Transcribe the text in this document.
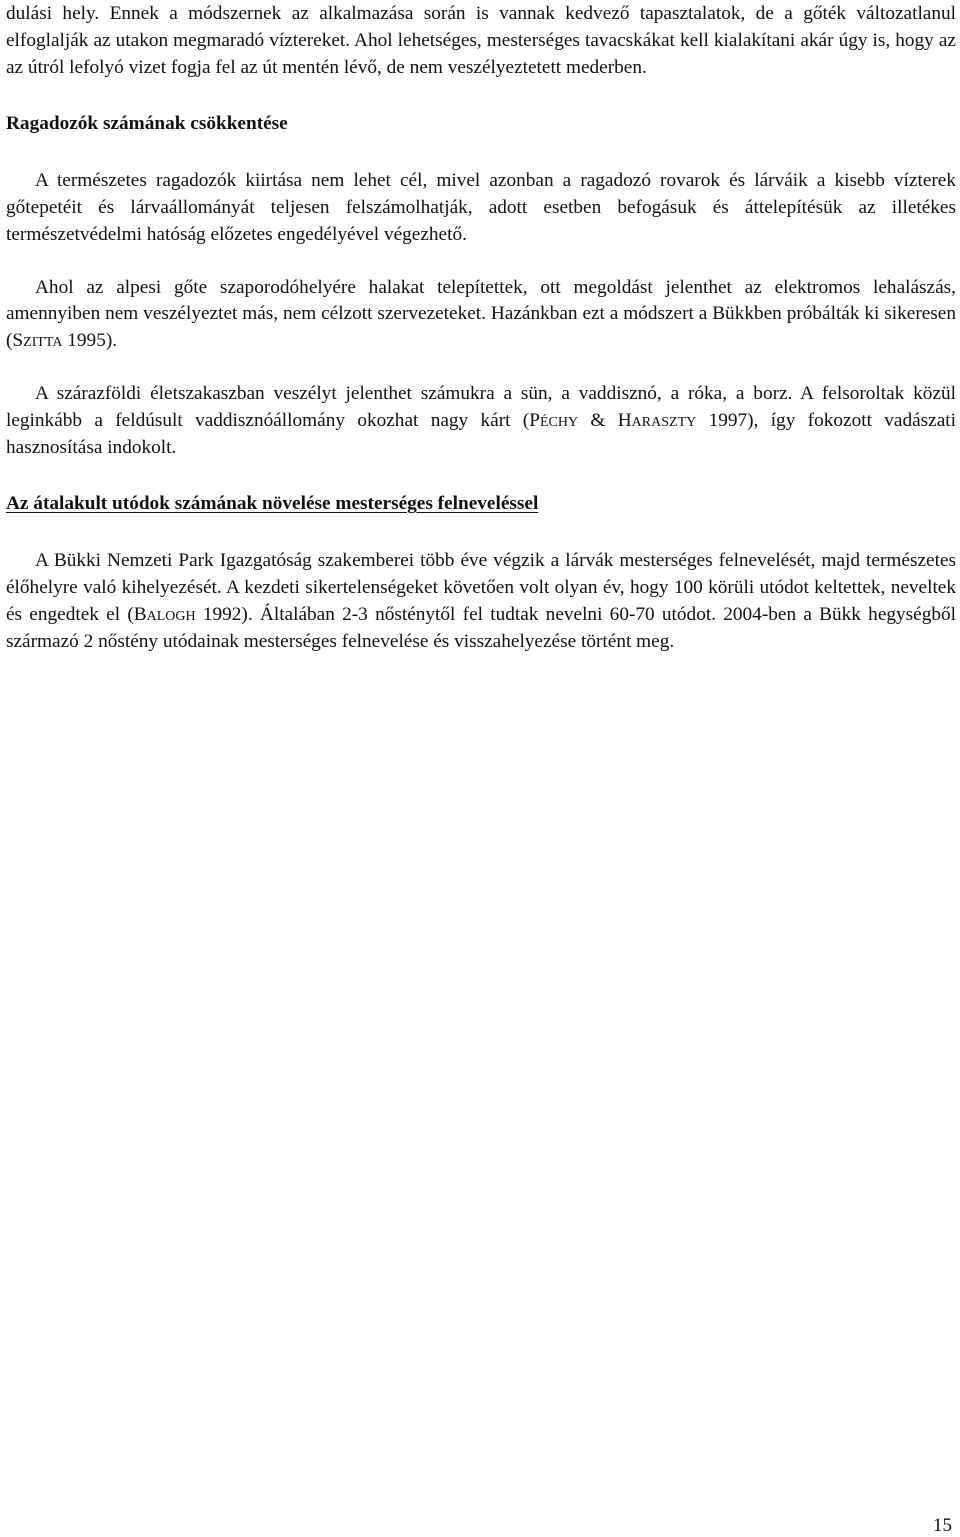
dulási hely. Ennek a módszernek az alkalmazása során is vannak kedvező tapasztalatok, de a gőték változatlanul elfoglalják az utakon megmaradó víztereket. Ahol lehetséges, mesterséges tavacskákat kell kialakítani akár úgy is, hogy az az útról lefolyó vizet fogja fel az út mentén lévő, de nem veszélyeztetett mederben.

Ragadozók számának csökkentése

A természetes ragadozók kiirtása nem lehet cél, mivel azonban a ragadozó rovarok és lárváik a kisebb vízterek gőtepetéit és lárvaállományát teljesen felszámolhatják, adott esetben befogásuk és áttelepítésük az illetékes természetvédelmi hatóság előzetes engedélyével végezhető.

Ahol az alpesi gőte szaporodóhelyére halakat telepítettek, ott megoldást jelenthet az elektromos lehalászás, amennyiben nem veszélyeztet más, nem célzott szervezeteket. Hazánkban ezt a módszert a Bükkben próbálták ki sikeresen (Szitta 1995).

A szárazföldi életszakaszban veszélyt jelenthet számukra a sün, a vaddisznó, a róka, a borz. A felsoroltak közül leginkább a feldúsult vaddisznóállomány okozhat nagy kárt (Péchy & Haraszty 1997), így fokozott vadászati hasznosítása indokolt.

Az átalakult utódok számának növelése mesterséges felneveléssel

A Bükki Nemzeti Park Igazgatóság szakemberei több éve végzik a lárvák mesterséges felnevelését, majd természetes élőhelyre való kihelyezését. A kezdeti sikertelenségeket követően volt olyan év, hogy 100 körüli utódot keltettek, neveltek és engedtek el (Balogh 1992). Általában 2-3 nősténytől fel tudtak nevelni 60-70 utódot. 2004-ben a Bükk hegységből származó 2 nőstény utódainak mesterséges felnevelése és visszahelyezése történt meg.

15
